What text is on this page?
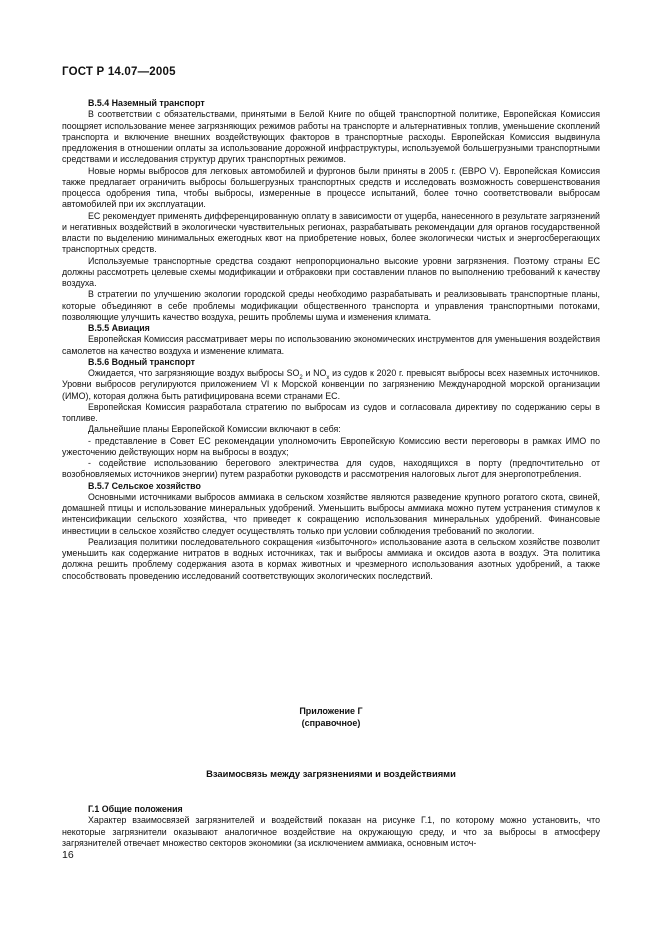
ГОСТ Р 14.07—2005

В.5.4 Наземный транспорт

В соответствии с обязательствами, принятыми в Белой Книге по общей транспортной политике, Европейская Комиссия поощряет использование менее загрязняющих режимов работы на транспорте и альтернативных топлив, уменьшение скоплений транспорта и включение внешних воздействующих факторов в транспортные расходы. Европейская Комиссия выдвинула предложения в отношении оплаты за использование дорожной инфраструктуры, используемой большегрузными транспортными средствами и исследования структур других транспортных режимов.

Новые нормы выбросов для легковых автомобилей и фургонов были приняты в 2005 г. (ЕВРО V). Европейская Комиссия также предлагает ограничить выбросы большегрузных транспортных средств и исследовать возможность совершенствования процесса одобрения типа, чтобы выбросы, измеренные в процессе испытаний, более точно соответствовали выбросам автомобилей при их эксплуатации.

ЕС рекомендует применять дифференцированную оплату в зависимости от ущерба, нанесенного в результате загрязнений и негативных воздействий в экологически чувствительных регионах, разрабатывать рекомендации для органов государственной власти по выделению минимальных ежегодных квот на приобретение новых, более экологически чистых и энергосберегающих транспортных средств.

Используемые транспортные средства создают непропорционально высокие уровни загрязнения. Поэтому страны ЕС должны рассмотреть целевые схемы модификации и отбраковки при составлении планов по выполнению требований к качеству воздуха.

В стратегии по улучшению экологии городской среды необходимо разрабатывать и реализовывать транспортные планы, которые объединяют в себе проблемы модификации общественного транспорта и управления транспортными потоками, позволяющие улучшить качество воздуха, решить проблемы шума и изменения климата.

В.5.5 Авиация

Европейская Комиссия рассматривает меры по использованию экономических инструментов для уменьшения воздействия самолетов на качество воздуха и изменение климата.

В.5.6 Водный транспорт

Ожидается, что загрязняющие воздух выбросы $SO_2$ и $NO_x$ из судов к 2020 г. превысят выбросы всех наземных источников. Уровни выбросов регулируются приложением VI к Морской конвенции по загрязнению Международной морской организации (ИМО), которая должна быть ратифицирована всеми странами ЕС.

Европейская Комиссия разработала стратегию по выбросам из судов и согласовала директиву по содержанию серы в топливе.

Дальнейшие планы Европейской Комиссии включают в себя:

- представление в Совет ЕС рекомендации уполномочить Европейскую Комиссию вести переговоры в рамках ИМО по ужесточению действующих норм на выбросы в воздух;

- содействие использованию берегового электричества для судов, находящихся в порту (предпочтительно от возобновляемых источников энергии) путем разработки руководств и рассмотрения налоговых льгот для энергопотребления.

В.5.7 Сельское хозяйство

Основными источниками выбросов аммиака в сельском хозяйстве являются разведение крупного рогатого скота, свиней, домашней птицы и использование минеральных удобрений. Уменьшить выбросы аммиака можно путем устранения стимулов к интенсификации сельского хозяйства, что приведет к сокращению использования минеральных удобрений. Финансовые инвестиции в сельское хозяйство следует осуществлять только при условии соблюдения требований по экологии.

Реализация политики последовательного сокращения «избыточного» использование азота в сельском хозяйстве позволит уменьшить как содержание нитратов в водных источниках, так и выбросы аммиака и оксидов азота в воздух. Эта политика должна решить проблему содержания азота в кормах животных и чрезмерного использования азотных удобрений, а также способствовать проведению исследований соответствующих экологических последствий.

Приложение Г
(справочное)
Взаимосвязь между загрязнениями и воздействиями

Г.1 Общие положения

Характер взаимосвязей загрязнителей и воздействий показан на рисунке Г.1, по которому можно установить, что некоторые загрязнители оказывают аналогичное воздействие на окружающую среду, и что за выбросы в атмосферу загрязнителей отвечает множество секторов экономики (за исключением аммиака, основным источ-

16
